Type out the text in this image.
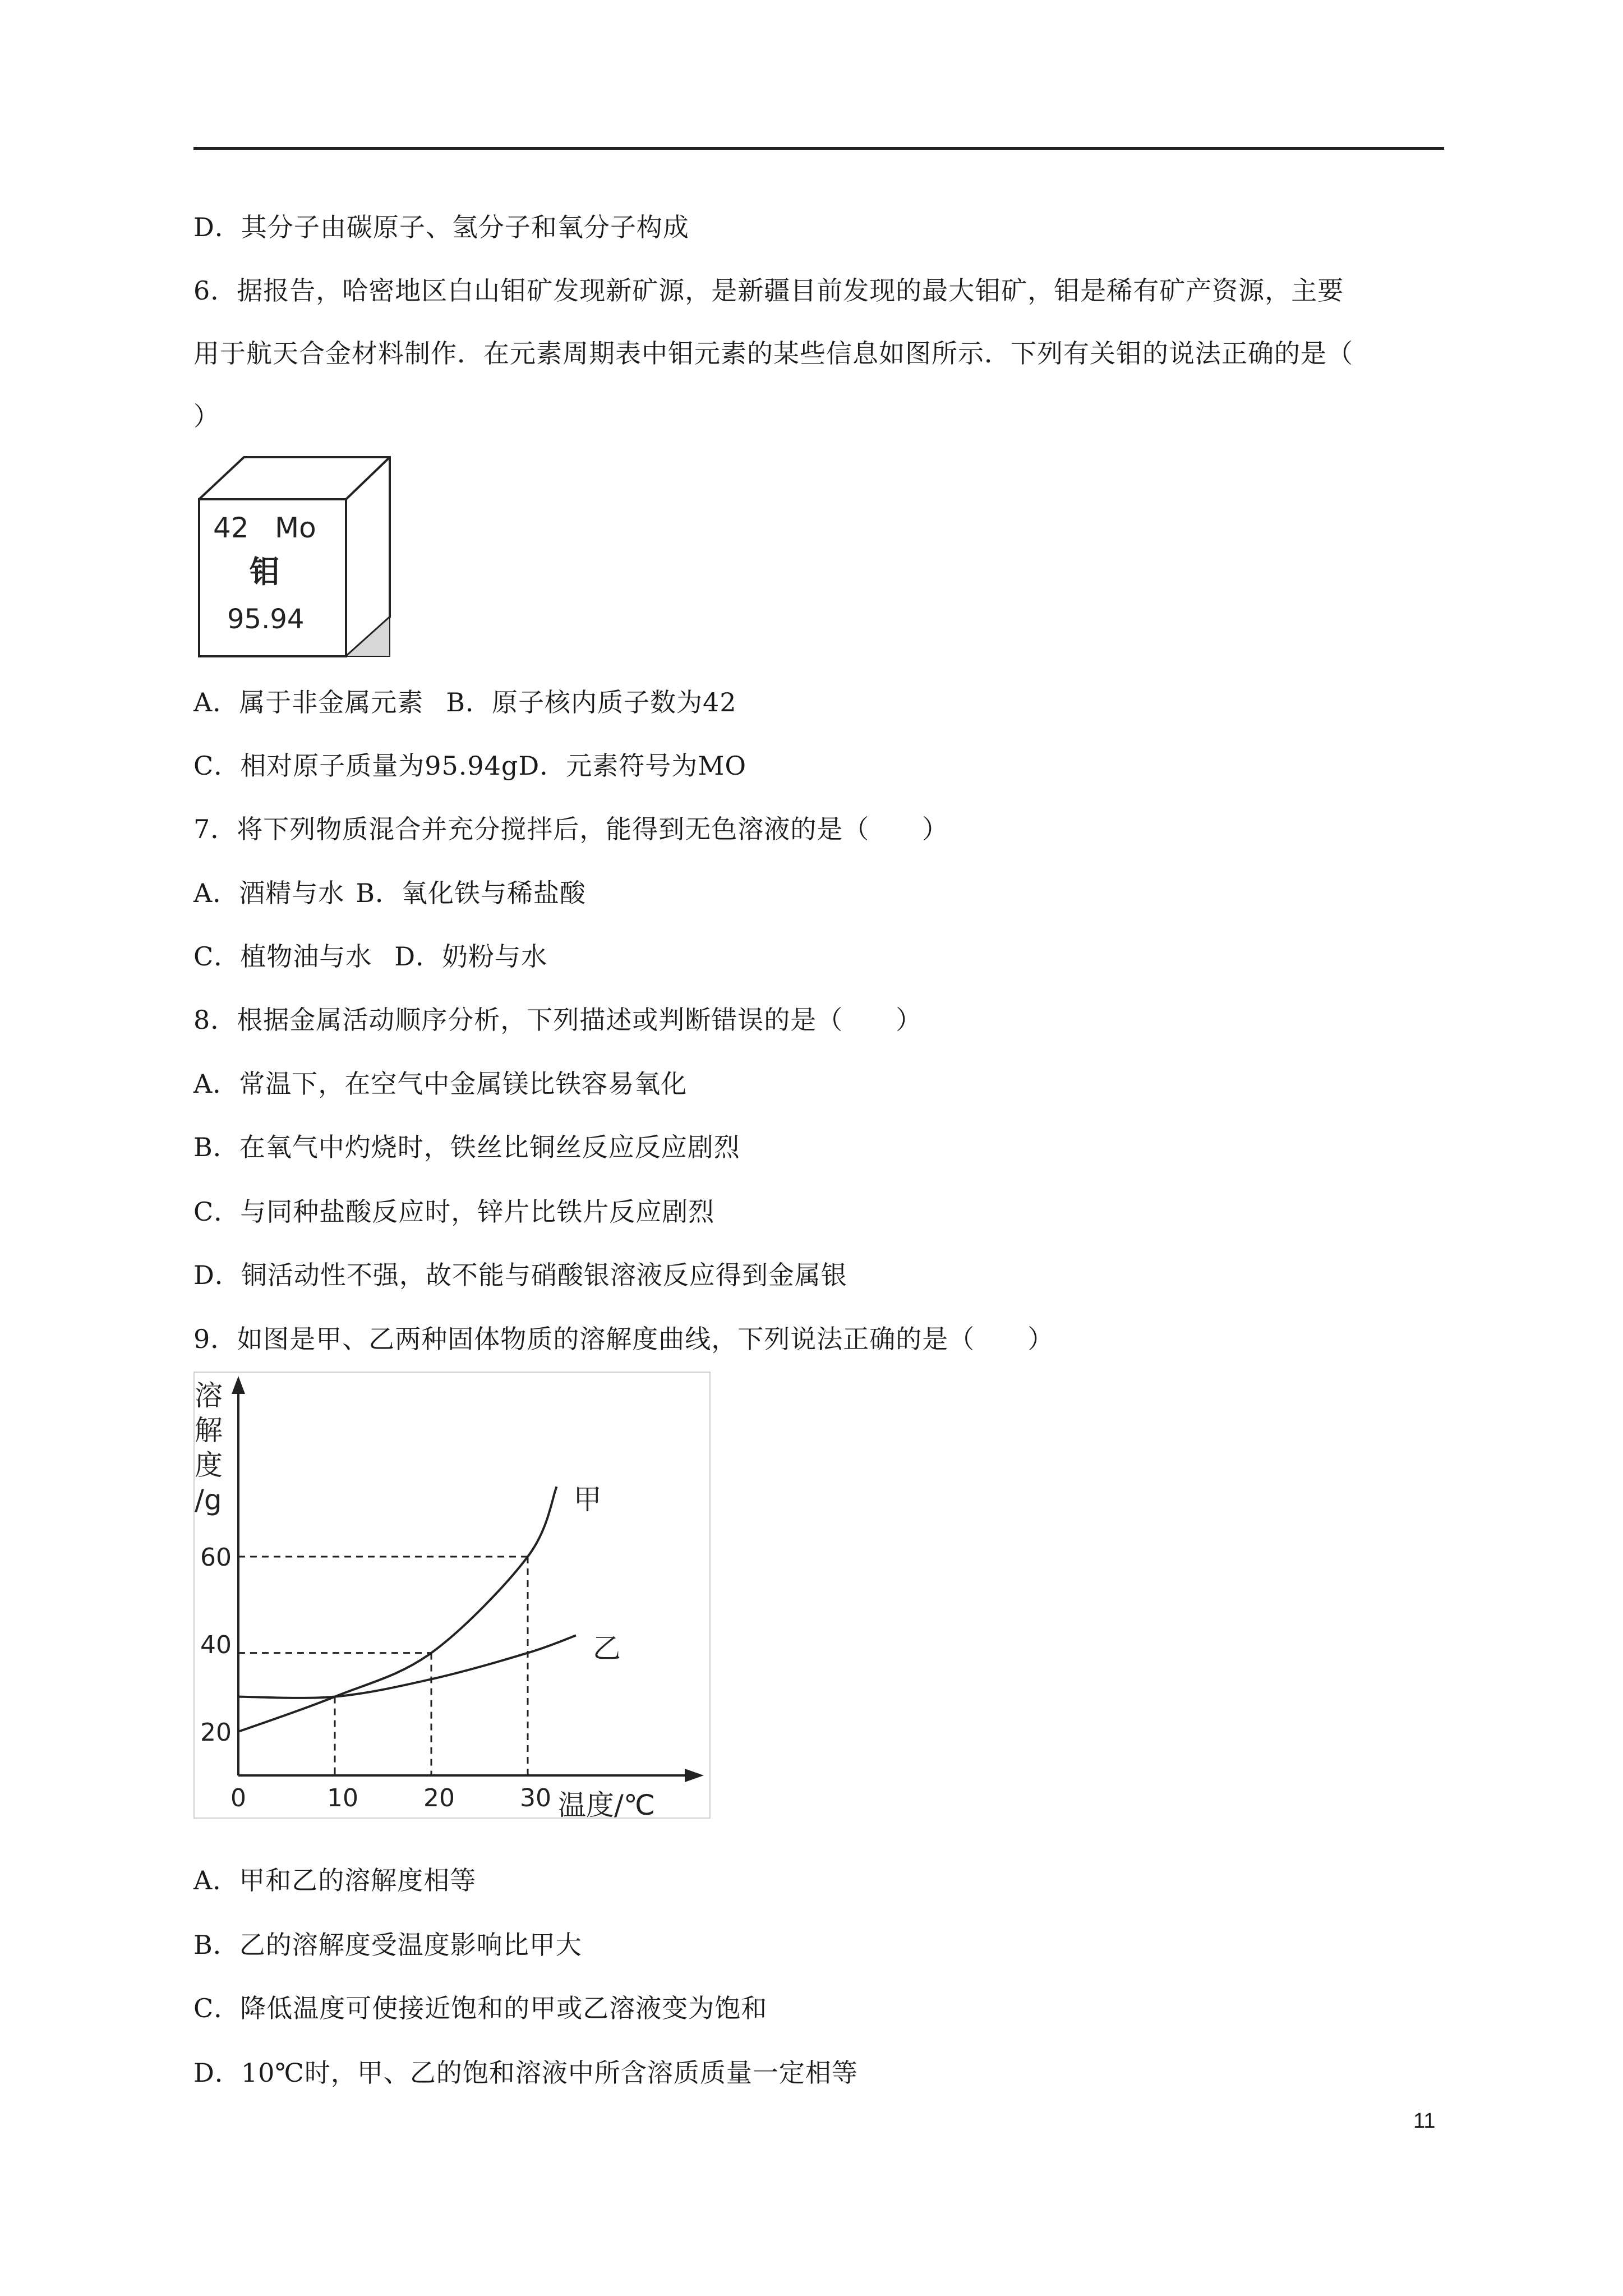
D．其分子由碳原子、氢分子和氧分子构成
6．据报告，哈密地区白山钼矿发现新矿源，是新疆目前发现的最大钼矿，钼是稀有矿产资源，主要
用于航天合金材料制作．在元素周期表中钼元素的某些信息如图所示．下列有关钼的说法正确的是（
）
42 Mo
钼
95.94
A．属于非金属元素 B．原子核内质子数为42
C．相对原子质量为95.94gD．元素符号为MO
7．将下列物质混合并充分搅拌后，能得到无色溶液的是（　　）
A．酒精与水 B．氧化铁与稀盐酸
C．植物油与水 D．奶粉与水
8．根据金属活动顺序分析，下列描述或判断错误的是（　　）
A．常温下，在空气中金属镁比铁容易氧化
B．在氧气中灼烧时，铁丝比铜丝反应反应剧烈
C．与同种盐酸反应时，锌片比铁片反应剧烈
D．铜活动性不强，故不能与硝酸银溶液反应得到金属银
9．如图是甲、乙两种固体物质的溶解度曲线，下列说法正确的是（　　）
溶
解
度
/g
温度/℃
0	10	20	30
20
40
60
甲
乙
A．甲和乙的溶解度相等
B．乙的溶解度受温度影响比甲大
C．降低温度可使接近饱和的甲或乙溶液变为饱和
D．10℃时，甲、乙的饱和溶液中所含溶质质量一定相等
11
